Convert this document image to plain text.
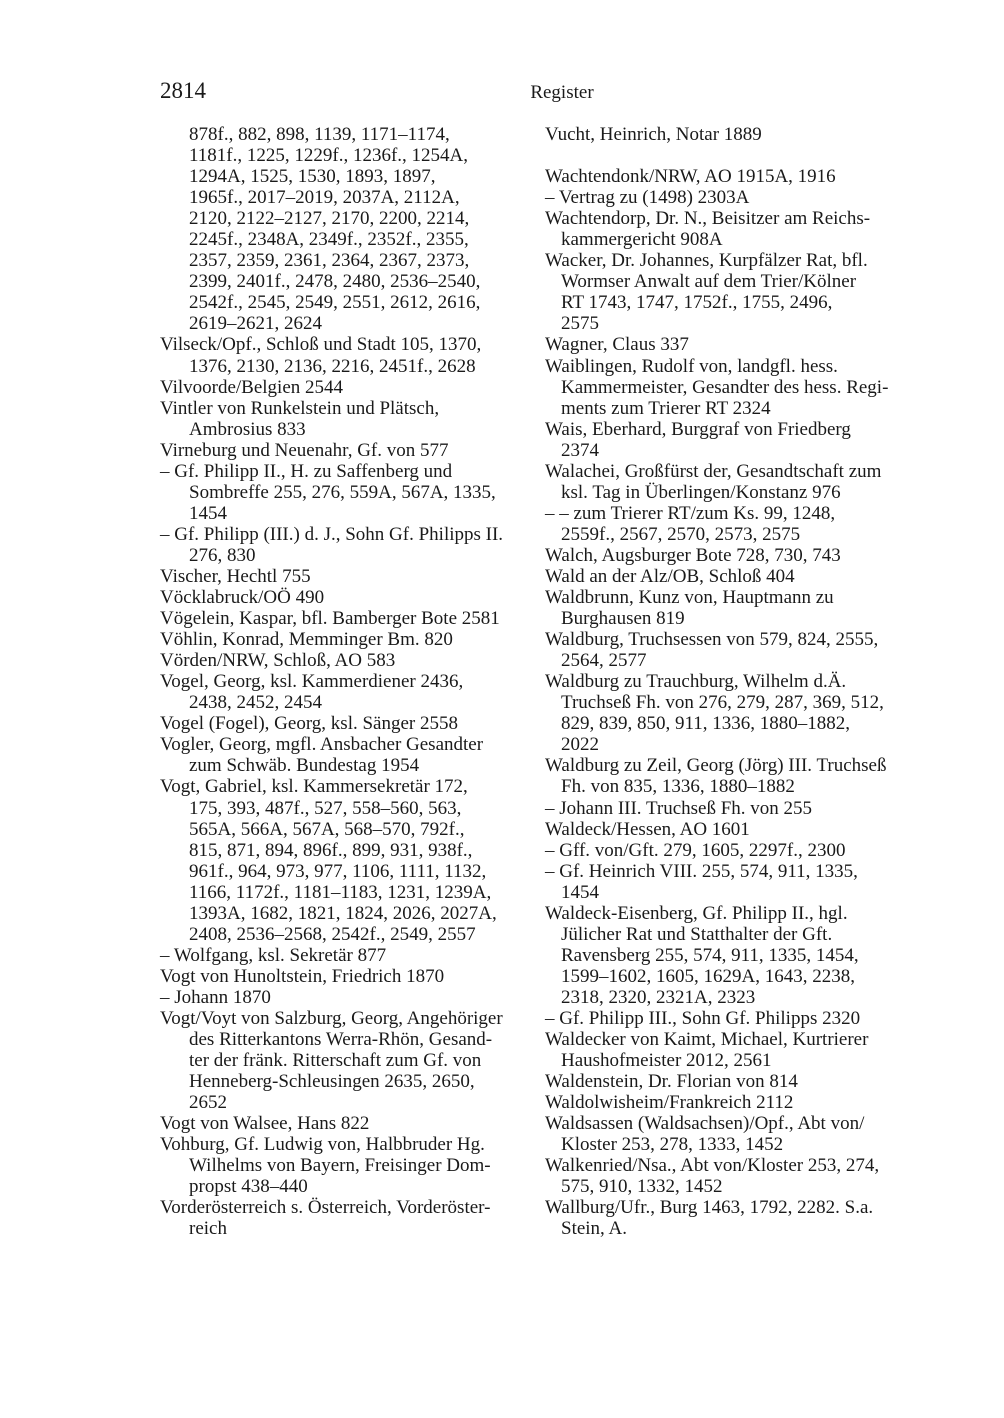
2814	Register

878f., 882, 898, 1139, 1171–1174,
1181f., 1225, 1229f., 1236f., 1254A,
1294A, 1525, 1530, 1893, 1897,
1965f., 2017–2019, 2037A, 2112A,
2120, 2122–2127, 2170, 2200, 2214,
2245f., 2348A, 2349f., 2352f., 2355,
2357, 2359, 2361, 2364, 2367, 2373,
2399, 2401f., 2478, 2480, 2536–2540,
2542f., 2545, 2549, 2551, 2612, 2616,
2619–2621, 2624

Vilseck/Opf., Schloß und Stadt 105, 1370,
1376, 2130, 2136, 2216, 2451f., 2628

Vilvoorde/Belgien 2544

Vintler von Runkelstein und Plätsch,
Ambrosius 833

Virneburg und Neuenahr, Gf. von 577

– Gf. Philipp II., H. zu Saffenberg und
Sombreffe 255, 276, 559A, 567A, 1335,
1454

– Gf. Philipp (III.) d. J., Sohn Gf. Philipps II.
276, 830

Vischer, Hechtl 755

Vöcklabruck/OÖ 490

Vögelein, Kaspar, bfl. Bamberger Bote 2581

Vöhlin, Konrad, Memminger Bm. 820

Vörden/NRW, Schloß, AO 583

Vogel, Georg, ksl. Kammerdiener 2436,
2438, 2452, 2454

Vogel (Fogel), Georg, ksl. Sänger 2558

Vogler, Georg, mgfl. Ansbacher Gesandter
zum Schwäb. Bundestag 1954

Vogt, Gabriel, ksl. Kammersekretär 172,
175, 393, 487f., 527, 558–560, 563,
565A, 566A, 567A, 568–570, 792f.,
815, 871, 894, 896f., 899, 931, 938f.,
961f., 964, 973, 977, 1106, 1111, 1132,
1166, 1172f., 1181–1183, 1231, 1239A,
1393A, 1682, 1821, 1824, 2026, 2027A,
2408, 2536–2568, 2542f., 2549, 2557

– Wolfgang, ksl. Sekretär 877

Vogt von Hunoltstein, Friedrich 1870

– Johann 1870

Vogt/Voyt von Salzburg, Georg, Angehöriger
des Ritterkantons Werra-Rhön, Gesand-
ter der fränk. Ritterschaft zum Gf. von
Henneberg-Schleusingen 2635, 2650,
2652

Vogt von Walsee, Hans 822

Vohburg, Gf. Ludwig von, Halbbruder Hg.
Wilhelms von Bayern, Freisinger Dom-
propst 438–440

Vorderösterreich s. Österreich, Vorderöster-
reich

Vucht, Heinrich, Notar 1889

Wachtendonk/NRW, AO 1915A, 1916

– Vertrag zu (1498) 2303A

Wachtendorp, Dr. N., Beisitzer am Reichs-
kammergericht 908A

Wacker, Dr. Johannes, Kurpfälzer Rat, bfl.
Wormser Anwalt auf dem Trier/Kölner
RT 1743, 1747, 1752f., 1755, 2496,
2575

Wagner, Claus 337

Waiblingen, Rudolf von, landgfl. hess.
Kammermeister, Gesandter des hess. Regi-
ments zum Trierer RT 2324

Wais, Eberhard, Burggraf von Friedberg
2374

Walachei, Großfürst der, Gesandtschaft zum
ksl. Tag in Überlingen/Konstanz 976

– – zum Trierer RT/zum Ks. 99, 1248,
2559f., 2567, 2570, 2573, 2575

Walch, Augsburger Bote 728, 730, 743

Wald an der Alz/OB, Schloß 404

Waldbrunn, Kunz von, Hauptmann zu
Burghausen 819

Waldburg, Truchsessen von 579, 824, 2555,
2564, 2577

Waldburg zu Trauchburg, Wilhelm d.Ä.
Truchseß Fh. von 276, 279, 287, 369, 512,
829, 839, 850, 911, 1336, 1880–1882,
2022

Waldburg zu Zeil, Georg (Jörg) III. Truchseß
Fh. von 835, 1336, 1880–1882

– Johann III. Truchseß Fh. von 255

Waldeck/Hessen, AO 1601

– Gff. von/Gft. 279, 1605, 2297f., 2300

– Gf. Heinrich VIII. 255, 574, 911, 1335,
1454

Waldeck-Eisenberg, Gf. Philipp II., hgl.
Jülicher Rat und Statthalter der Gft.
Ravensberg 255, 574, 911, 1335, 1454,
1599–1602, 1605, 1629A, 1643, 2238,
2318, 2320, 2321A, 2323

– Gf. Philipp III., Sohn Gf. Philipps 2320

Waldecker von Kaimt, Michael, Kurtrierer
Haushofmeister 2012, 2561

Waldenstein, Dr. Florian von 814

Waldolwisheim/Frankreich 2112

Waldsassen (Waldsachsen)/Opf., Abt von/
Kloster 253, 278, 1333, 1452

Walkenried/Nsa., Abt von/Kloster 253, 274,
575, 910, 1332, 1452

Wallburg/Ufr., Burg 1463, 1792, 2282. S.a.
Stein, A.
